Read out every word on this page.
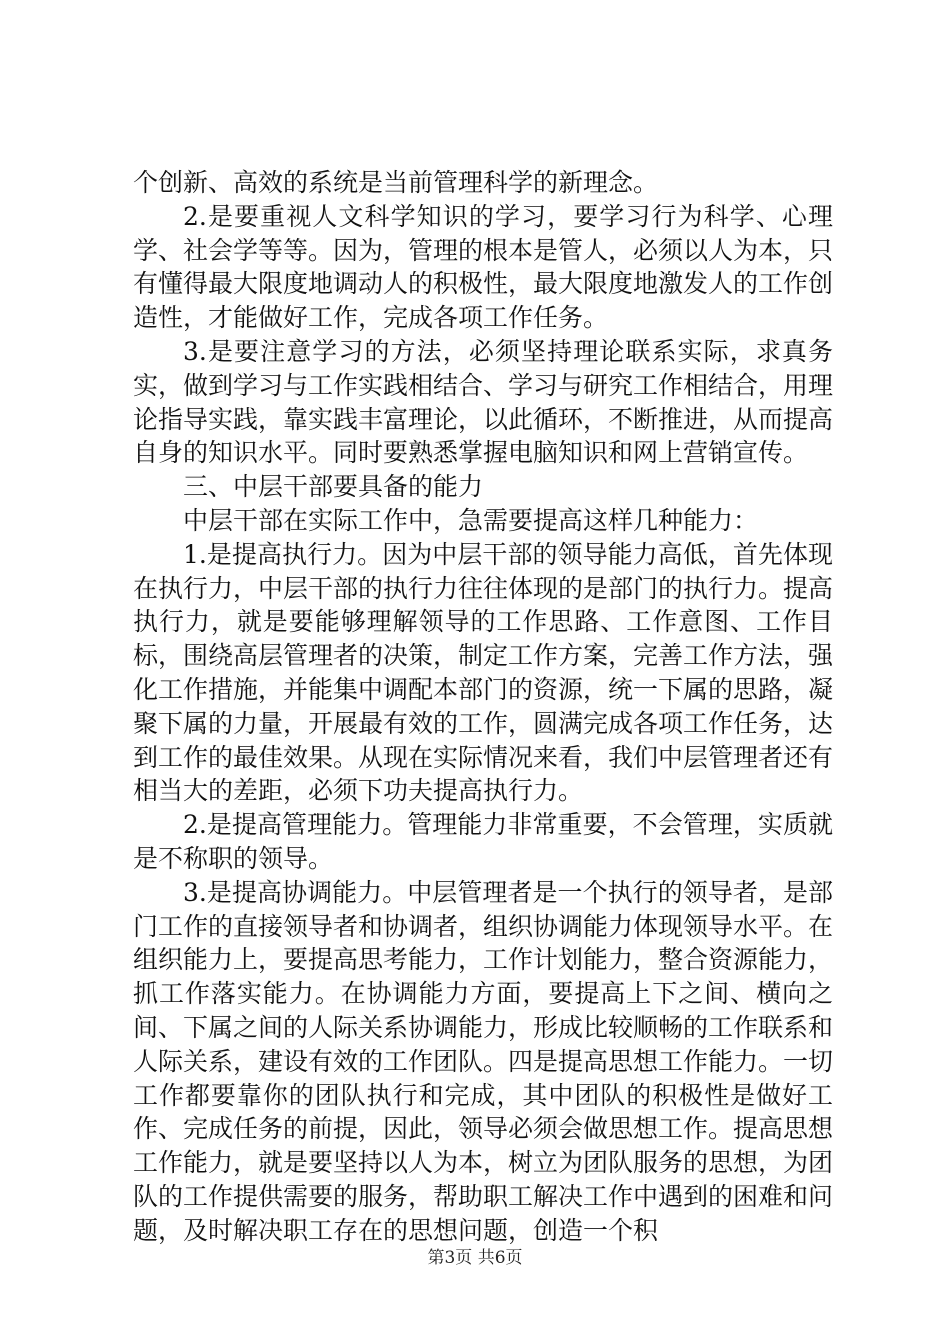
个创新、高效的系统是当前管理科学的新理念。

2.是要重视人文科学知识的学习，要学习行为科学、心理学、社会学等等。因为，管理的根本是管人，必须以人为本，只有懂得最大限度地调动人的积极性，最大限度地激发人的工作创造性，才能做好工作，完成各项工作任务。

3.是要注意学习的方法，必须坚持理论联系实际，求真务实，做到学习与工作实践相结合、学习与研究工作相结合，用理论指导实践，靠实践丰富理论，以此循环，不断推进，从而提高自身的知识水平。同时要熟悉掌握电脑知识和网上营销宣传。

三、中层干部要具备的能力

中层干部在实际工作中，急需要提高这样几种能力：

1.是提高执行力。因为中层干部的领导能力高低，首先体现在执行力，中层干部的执行力往往体现的是部门的执行力。提高执行力，就是要能够理解领导的工作思路、工作意图、工作目标，围绕高层管理者的决策，制定工作方案，完善工作方法，强化工作措施，并能集中调配本部门的资源，统一下属的思路，凝聚下属的力量，开展最有效的工作，圆满完成各项工作任务，达到工作的最佳效果。从现在实际情况来看，我们中层管理者还有相当大的差距，必须下功夫提高执行力。

2.是提高管理能力。管理能力非常重要，不会管理，实质就是不称职的领导。

3.是提高协调能力。中层管理者是一个执行的领导者，是部门工作的直接领导者和协调者，组织协调能力体现领导水平。在组织能力上，要提高思考能力，工作计划能力，整合资源能力，抓工作落实能力。在协调能力方面，要提高上下之间、横向之间、下属之间的人际关系协调能力，形成比较顺畅的工作联系和人际关系，建设有效的工作团队。四是提高思想工作能力。一切工作都要靠你的团队执行和完成，其中团队的积极性是做好工作、完成任务的前提，因此，领导必须会做思想工作。提高思想工作能力，就是要坚持以人为本，树立为团队服务的思想，为团队的工作提供需要的服务，帮助职工解决工作中遇到的困难和问题，及时解决职工存在的思想问题，创造一个积

第3页 共6页
